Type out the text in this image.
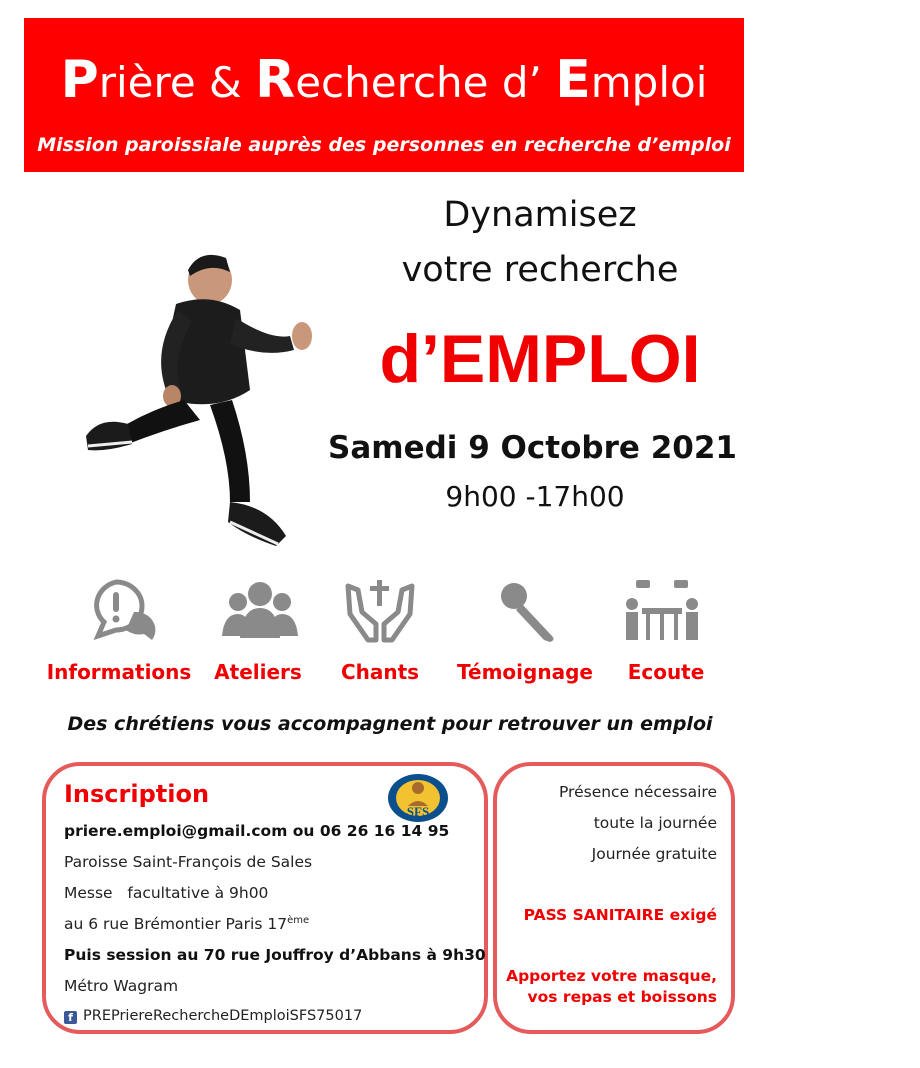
Prière & Recherche d’ Emploi
Mission paroissiale auprès des personnes en recherche d’emploi
Dynamisez
votre recherche
d’EMPLOI
Samedi 9 Octobre 2021
9h00 -17h00
Informations Ateliers	Chants	Témoignage Ecoute
Des chrétiens vous accompagnent pour retrouver un emploi
Inscription
SFS
priere.emploi@gmail.com ou 06 26 16 14 95
Paroisse Saint-François de Sales
Messe   facultative à 9h00
au 6 rue Brémontier Paris 17ème
Puis session au 70 rue Jouffroy d’Abbans à 9h30
Métro Wagram
f PREPriereRechercheDEmploiSFS75017
Présence nécessaire
toute la journée
Journée gratuite
PASS SANITAIRE exigé
Apportez votre masque,
vos repas et boissons
